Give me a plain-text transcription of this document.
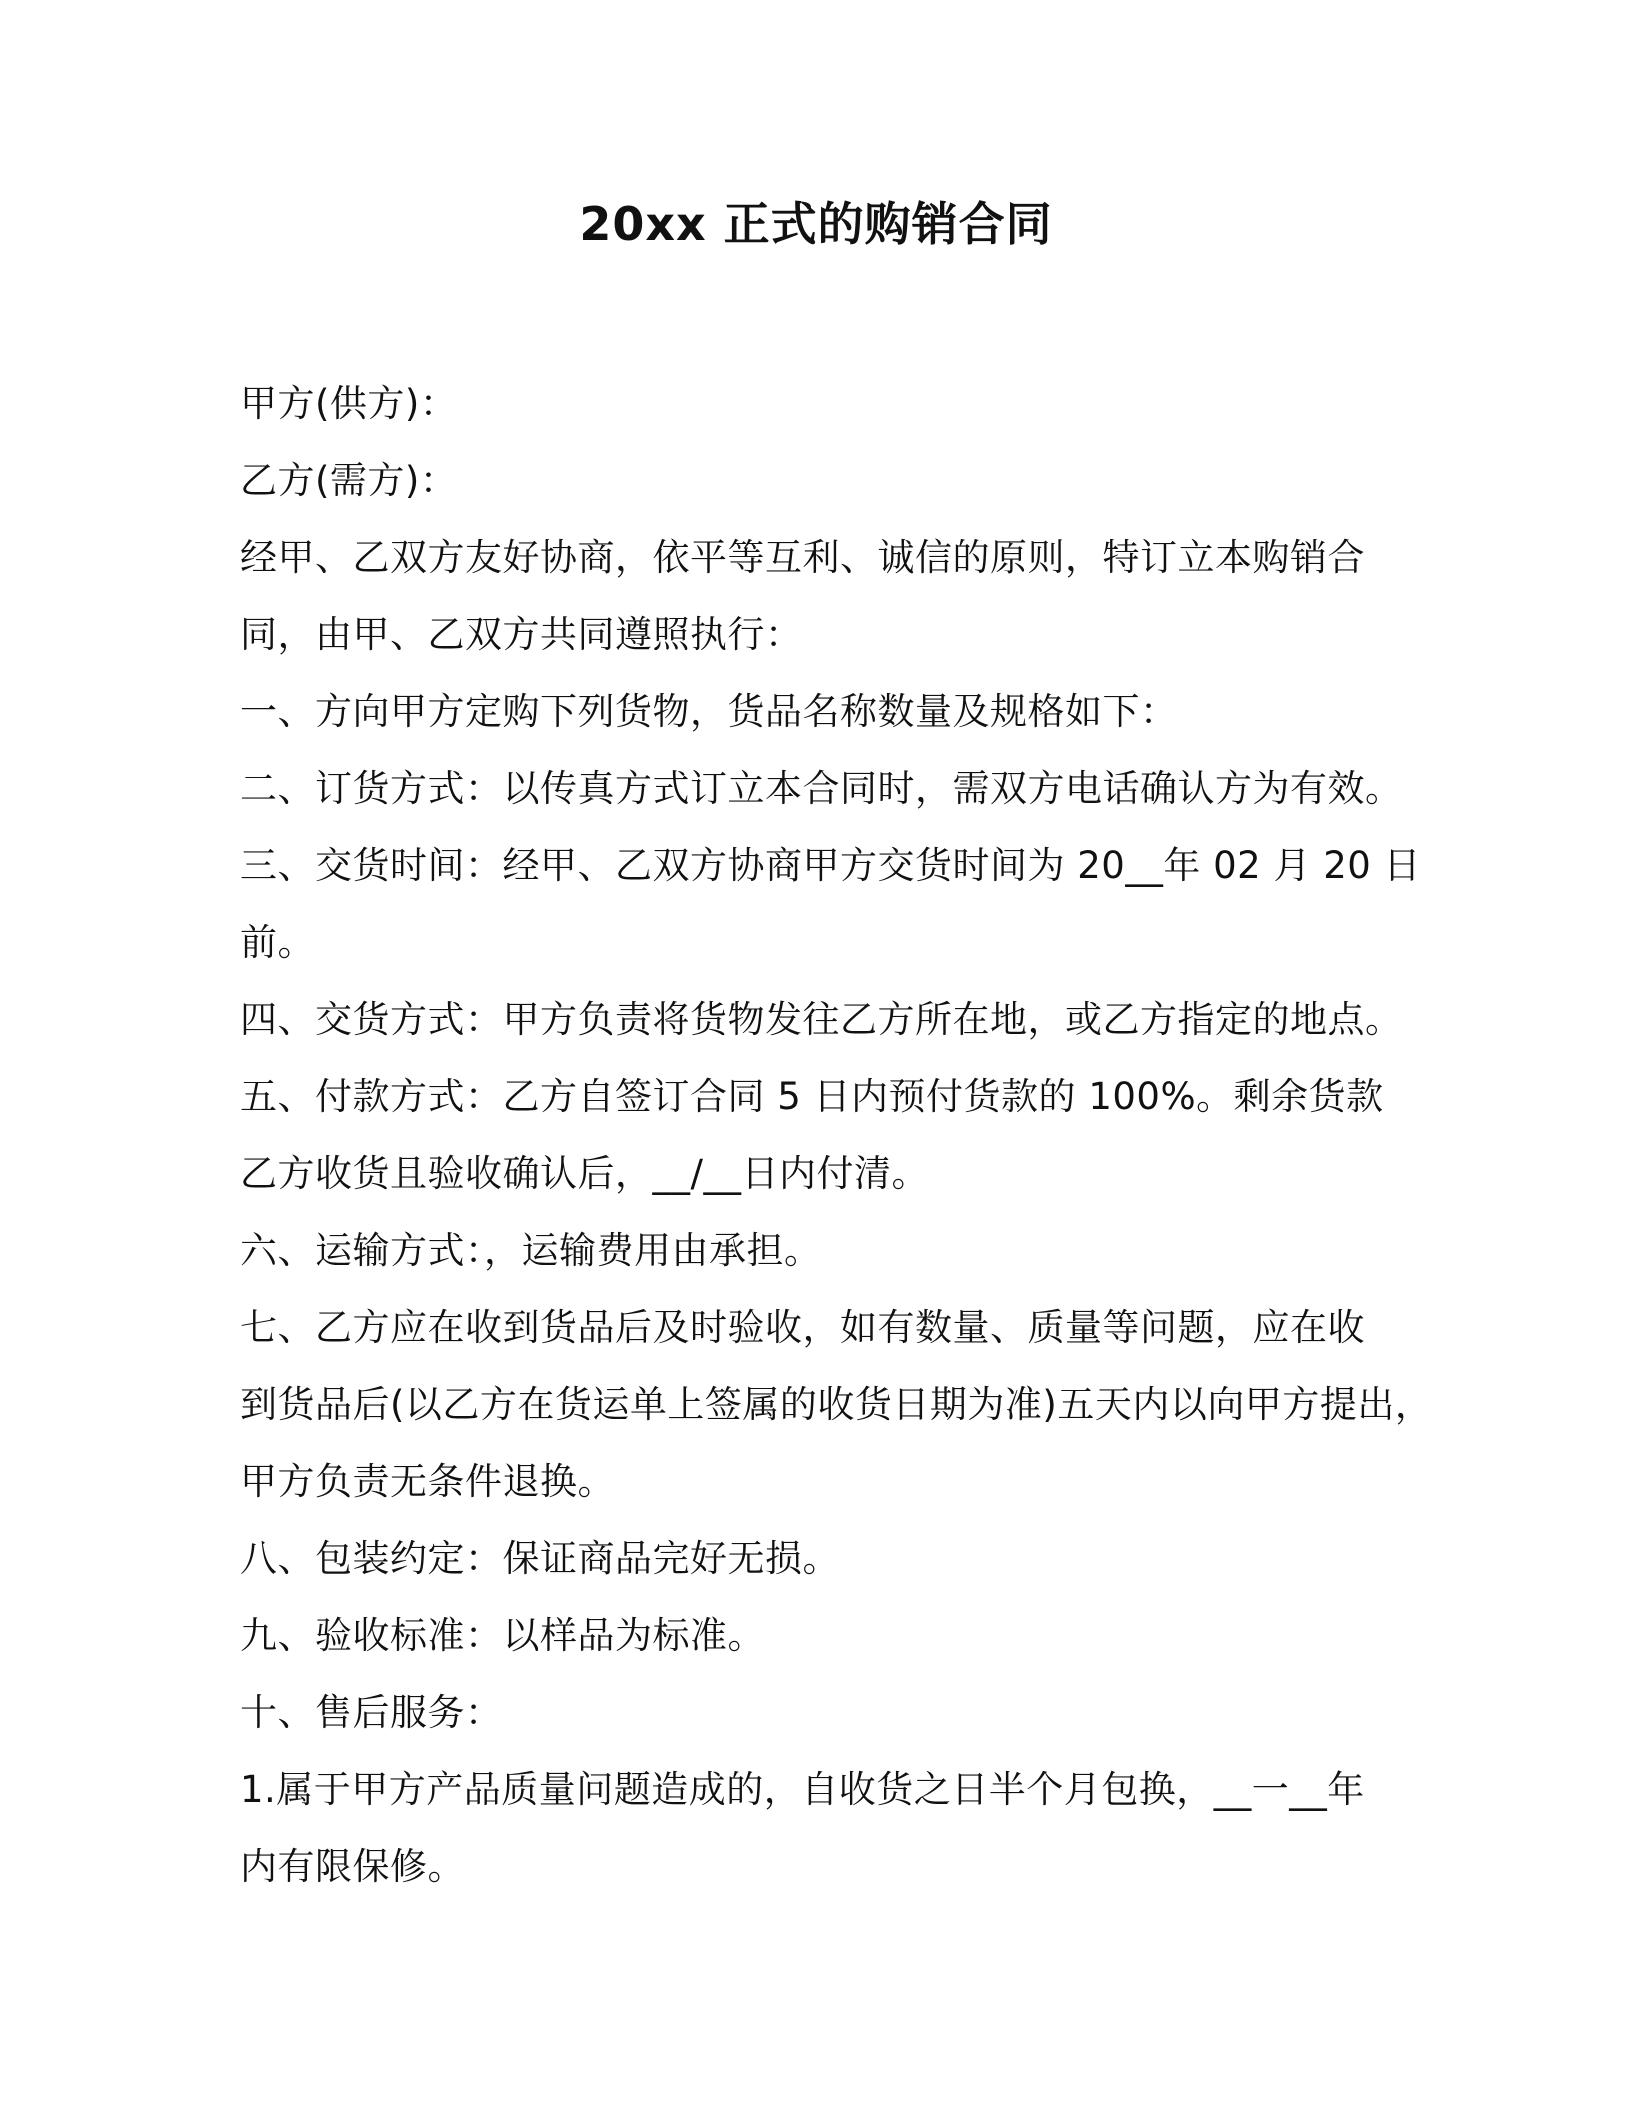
20xx 正式的购销合同
甲方(供方)：
乙方(需方)：
经甲、乙双方友好协商，依平等互利、诚信的原则，特订立本购销合
同，由甲、乙双方共同遵照执行：
一、方向甲方定购下列货物，货品名称数量及规格如下：
二、订货方式：以传真方式订立本合同时，需双方电话确认方为有效。
三、交货时间：经甲、乙双方协商甲方交货时间为 20__年 02 月 20 日
前。
四、交货方式：甲方负责将货物发往乙方所在地，或乙方指定的地点。
五、付款方式：乙方自签订合同 5 日内预付货款的 100%。剩余货款
乙方收货且验收确认后，__/__日内付清。
六、运输方式：，运输费用由承担。
七、乙方应在收到货品后及时验收，如有数量、质量等问题，应在收
到货品后(以乙方在货运单上签属的收货日期为准)五天内以向甲方提出，
甲方负责无条件退换。
八、包装约定：保证商品完好无损。
九、验收标准：以样品为标准。
十、售后服务：
1.属于甲方产品质量问题造成的，自收货之日半个月包换，__一__年
内有限保修。
